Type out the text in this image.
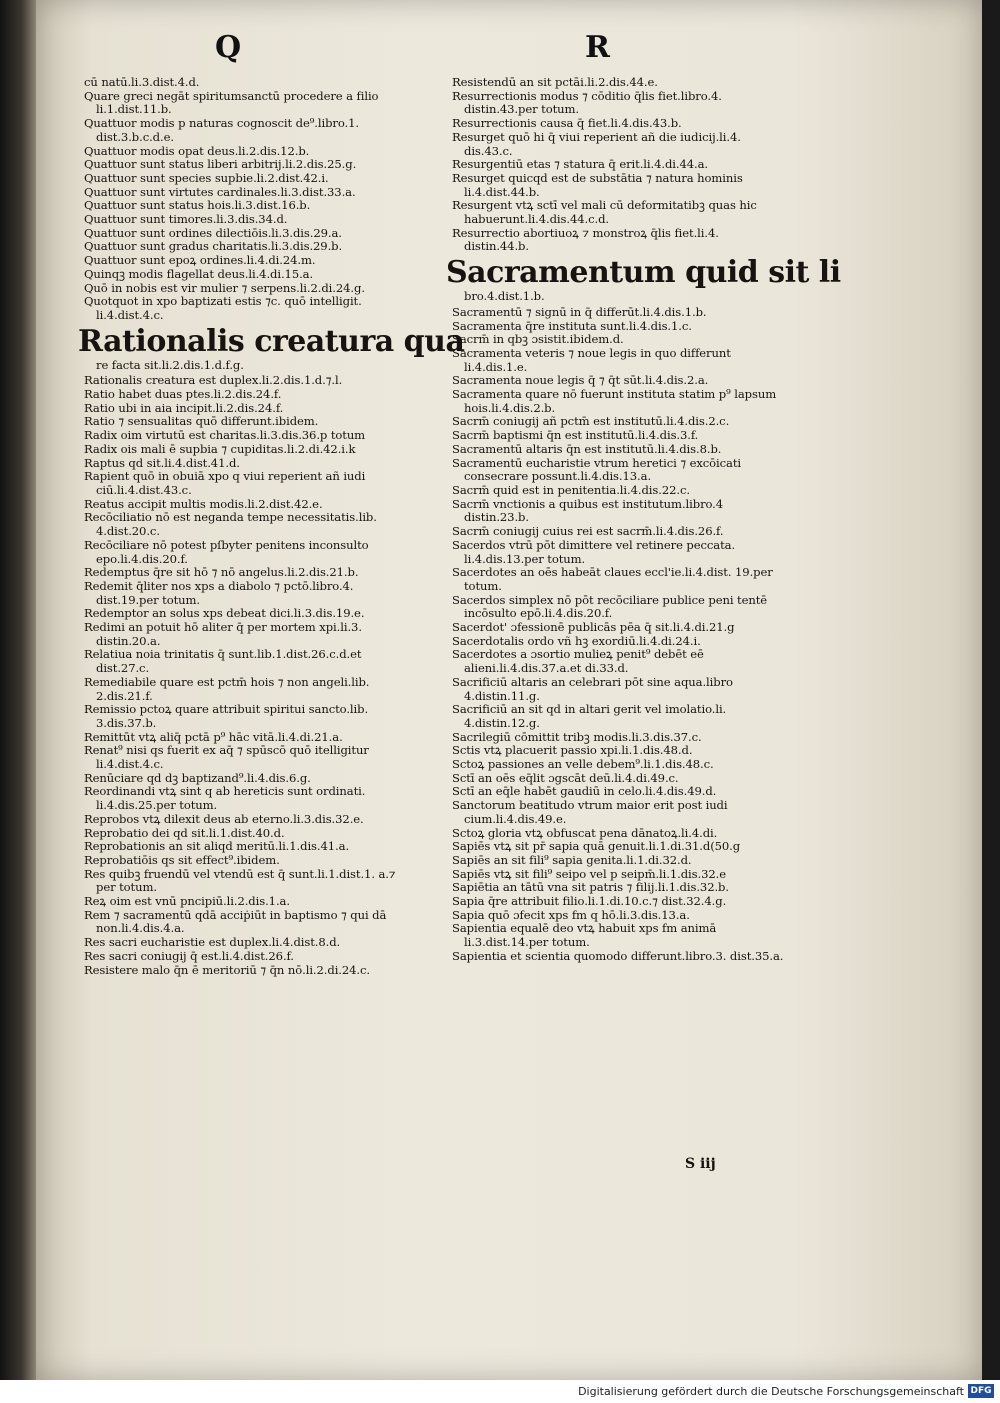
Q	R

cū natū.li.3.dist.4.d.

Quare greci negāt spiritumsanctū procedere a filio li.1.dist.11.b.

Quattuor modis p naturas cognoscit de⁹.libro.1. dist.3.b.c.d.e.

Quattuor modis opat deus.li.2.dis.12.b.

Quattuor sunt status liberi arbitrij.li.2.dis.25.g.

Quattuor sunt species supbie.li.2.dist.42.i.

Quattuor sunt virtutes cardinales.li.3.dist.33.a.

Quattuor sunt status hois.li.3.dist.16.b.

Quattuor sunt timores.li.3.dis.34.d.

Quattuor sunt ordines dilectiōis.li.3.dis.29.a.

Quattuor sunt gradus charitatis.li.3.dis.29.b.

Quattuor sunt epoꝝ ordines.li.4.di.24.m.

Quinqꝫ modis flagellat deus.li.4.di.15.a.

Quō in nobis est vir mulier ⁊ serpens.li.2.di.24.g.

Quotquot in xpo baptizati estis ⁊c. quō intelligit. li.4.dist.4.c.

Rationalis creatura qua

re facta sit.li.2.dis.1.d.f.g.

Rationalis creatura est duplex.li.2.dis.1.d.⁊.l.

Ratio habet duas ptes.li.2.dis.24.f.

Ratio ubi in aia incipit.li.2.dis.24.f.

Ratio ⁊ sensualitas quō differunt.ibidem.

Radix oim virtutū est charitas.li.3.dis.36.p totum

Radix ois mali ē supbia ⁊ cupiditas.li.2.di.42.i.k

Raptus qd sit.li.4.dist.41.d.

Rapient quō in obuiā xpo q viui reperient añ iudi ciū.li.4.dist.43.c.

Reatus accipit multis modis.li.2.dist.42.e.

Recōciliatio nō est neganda tempe necessitatis.lib. 4.dist.20.c.

Recōciliare nō potest pſbyter penitens inconsulto epo.li.4.dis.20.f.

Redemptus q̄re sit hō ⁊ nō angelus.li.2.dis.21.b.

Redemit q̄liter nos xps a diabolo ⁊ pctō.libro.4. dist.19.per totum.

Redemptor an solus xps debeat dici.li.3.dis.19.e.

Redimi an potuit hō aliter q̄ per mortem xpi.li.3. distin.20.a.

Relatiua noia trinitatis q̄ sunt.lib.1.dist.26.c.d.et dist.27.c.

Remediabile quare est pctm̄ hois ⁊ non angeli.lib. 2.dis.21.f.

Remissio pctoꝝ quare attribuit spiritui sancto.lib. 3.dis.37.b.

Remittūt vtꝝ aliq̄ pctā p⁹ hāc vitā.li.4.di.21.a.

Renat⁹ nisi qs fuerit ex aq̄ ⁊ spūscō quō itelligitur li.4.dist.4.c.

Renūciare qd dꝫ baptizand⁹.li.4.dis.6.g.

Reordinandi vtꝝ sint q ab hereticis sunt ordinati. li.4.dis.25.per totum.

Reprobos vtꝝ dilexit deus ab eterno.li.3.dis.32.e.

Reprobatio dei qd sit.li.1.dist.40.d.

Reprobationis an sit aliqd meritū.li.1.dis.41.a.

Reprobatiōis qs sit effect⁹.ibidem.

Res quibꝫ fruendū vel vtendū est q̄ sunt.li.1.dist.1. a.⁊ per totum.

Reꝝ oim est vnū pncipiū.li.2.dis.1.a.

Rem ⁊ sacramentū qdā acciṗiūt in baptismo ⁊ qui dā non.li.4.dis.4.a.

Res sacri eucharistie est duplex.li.4.dist.8.d.

Res sacri coniugij q̄ est.li.4.dist.26.f.

Resistere malo q̄n ē meritoriū ⁊ q̄n nō.li.2.di.24.c.

Resistendū an sit pctāi.li.2.dis.44.e.

Resurrectionis modus ⁊ cōditio q̄lis fiet.libro.4. distin.43.per totum.

Resurrectionis causa q̄ fiet.li.4.dis.43.b.

Resurget quō hi q̄ viui reperient añ die iudicij.li.4. dis.43.c.

Resurgentiū etas ⁊ statura q̄ erit.li.4.di.44.a.

Resurget quicqd est de substātia ⁊ natura hominis li.4.dist.44.b.

Resurgent vtꝝ sctī vel mali cū deformitatibꝫ quas hic habuerunt.li.4.dis.44.c.d.

Resurrectio abortiuoꝝ ⁊ monstroꝝ q̄lis fiet.li.4. distin.44.b.

Sacramentum quid sit li

bro.4.dist.1.b.

Sacramentū ⁊ signū in q̄ differūt.li.4.dis.1.b.

Sacramenta q̄re instituta sunt.li.4.dis.1.c.

Sacrm̄ in qbꝫ ɔsistit.ibidem.d.

Sacramenta veteris ⁊ noue legis in quo differunt li.4.dis.1.e.

Sacramenta noue legis q̄ ⁊ q̄t sūt.li.4.dis.2.a.

Sacramenta quare nō fuerunt instituta statim p⁹ lapsum hois.li.4.dis.2.b.

Sacrm̄ coniugij añ pctm̄ est institutū.li.4.dis.2.c.

Sacrm̄ baptismi q̄n est institutū.li.4.dis.3.f.

Sacramentū altaris q̄n est institutū.li.4.dis.8.b.

Sacramentū eucharistie vtrum heretici ⁊ excōicati consecrare possunt.li.4.dis.13.a.

Sacrm̄ quid est in penitentia.li.4.dis.22.c.

Sacrm̄ vnctionis a quibus est institutum.libro.4 distin.23.b.

Sacrm̄ coniugij cuius rei est sacrm̄.li.4.dis.26.f.

Sacerdos vtrū pōt dimittere vel retinere peccata. li.4.dis.13.per totum.

Sacerdotes an oēs habeāt claues eccl'ie.li.4.dist. 19.per totum.

Sacerdos simplex nō pōt recōciliare publice peni tentē incōsulto epō.li.4.dis.20.f.

Sacerdot' ɔfessionē publicās pēa q̄ sit.li.4.di.21.g

Sacerdotalis ordo vñ hꝫ exordiū.li.4.di.24.i.

Sacerdotes a ɔsortio mulieꝝ penit⁹ debēt eē alieni.li.4.dis.37.a.et di.33.d.

Sacrificiū altaris an celebrari pōt sine aqua.libro 4.distin.11.g.

Sacrificiū an sit qd in altari gerit vel imolatio.li. 4.distin.12.g.

Sacrilegiū cōmittit tribꝫ modis.li.3.dis.37.c.

Sctis vtꝝ placuerit passio xpi.li.1.dis.48.d.

Sctoꝝ passiones an velle debem⁹.li.1.dis.48.c.

Sctī an oēs eq̄lit ɔgscāt deū.li.4.di.49.c.

Sctī an eq̄le habēt gaudiū in celo.li.4.dis.49.d.

Sanctorum beatitudo vtrum maior erit post iudi cium.li.4.dis.49.e.

Sctoꝝ gloria vtꝝ obfuscat pena dānatoꝝ.li.4.di.

Sapiēs vtꝝ sit pr̄ sapia quā genuit.li.1.di.31.d(50.g

Sapiēs an sit fili⁹ sapia genita.li.1.di.32.d.

Sapiēs vtꝝ sit fili⁹ seipo vel p seipm̄.li.1.dis.32.e

Sapiētia an tātū vna sit patris ⁊ filij.li.1.dis.32.b.

Sapia q̄re attribuit filio.li.1.di.10.c.⁊ dist.32.4.g.

Sapia quō ɔfecit xps fm q hō.li.3.dis.13.a.

Sapientia equalē deo vtꝝ habuit xps fm animā li.3.dist.14.per totum.

Sapientia et scientia quomodo differunt.libro.3. dist.35.a.

S iij
Digitalisierung gefördert durch die Deutsche Forschungsgemeinschaft DFG
